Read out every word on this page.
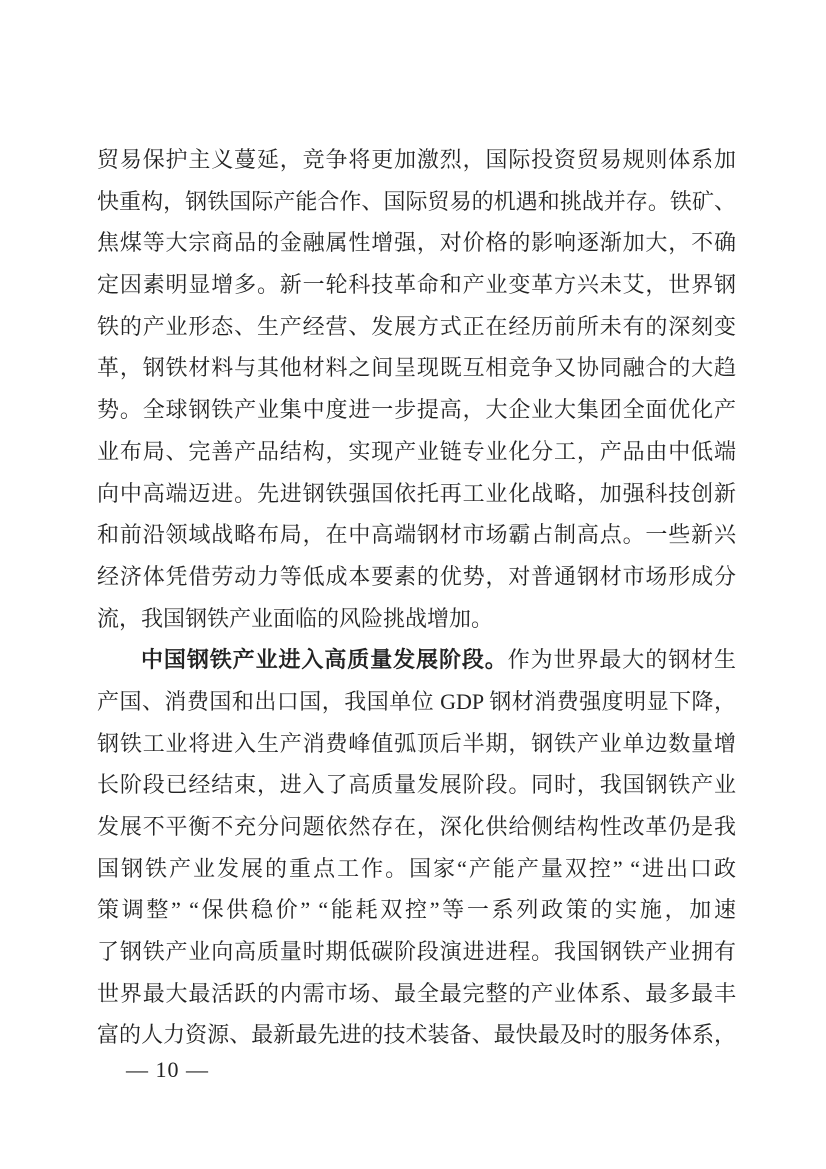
贸易保护主义蔓延，竞争将更加激烈，国际投资贸易规则体系加
快重构，钢铁国际产能合作、国际贸易的机遇和挑战并存。铁矿、
焦煤等大宗商品的金融属性增强，对价格的影响逐渐加大，不确
定因素明显增多。新一轮科技革命和产业变革方兴未艾，世界钢
铁的产业形态、生产经营、发展方式正在经历前所未有的深刻变
革，钢铁材料与其他材料之间呈现既互相竞争又协同融合的大趋
势。全球钢铁产业集中度进一步提高，大企业大集团全面优化产
业布局、完善产品结构，实现产业链专业化分工，产品由中低端
向中高端迈进。先进钢铁强国依托再工业化战略，加强科技创新
和前沿领域战略布局，在中高端钢材市场霸占制高点。一些新兴
经济体凭借劳动力等低成本要素的优势，对普通钢材市场形成分
流，我国钢铁产业面临的风险挑战增加。
中国钢铁产业进入高质量发展阶段。作为世界最大的钢材生
产国、消费国和出口国，我国单位 GDP 钢材消费强度明显下降，
钢铁工业将进入生产消费峰值弧顶后半期，钢铁产业单边数量增
长阶段已经结束，进入了高质量发展阶段。同时，我国钢铁产业
发展不平衡不充分问题依然存在，深化供给侧结构性改革仍是我
国钢铁产业发展的重点工作。国家“产能产量双控” “进出口政
策调整” “保供稳价” “能耗双控”等一系列政策的实施，加速
了钢铁产业向高质量时期低碳阶段演进进程。我国钢铁产业拥有
世界最大最活跃的内需市场、最全最完整的产业体系、最多最丰
富的人力资源、最新最先进的技术装备、最快最及时的服务体系，
— 10 —
